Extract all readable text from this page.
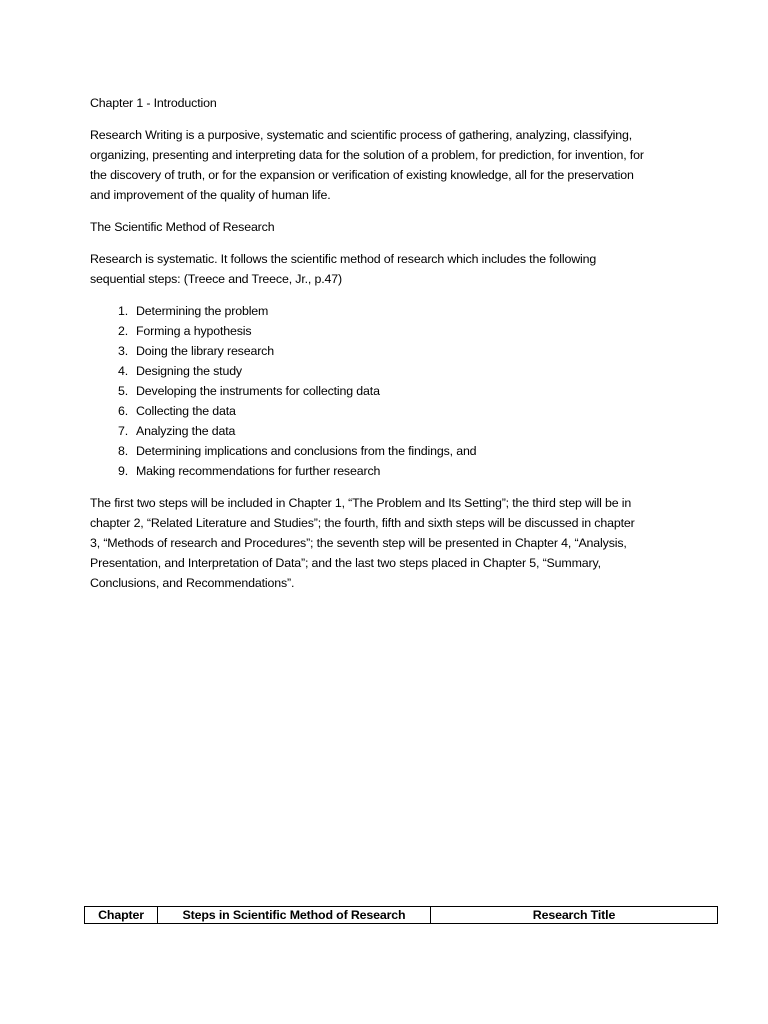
Chapter 1 - Introduction
Research Writing is a purposive, systematic and scientific process of gathering, analyzing, classifying, organizing, presenting and interpreting data for the solution of a problem, for prediction, for invention, for the discovery of truth, or for the expansion or verification of existing knowledge, all for the preservation and improvement of the quality of human life.
The Scientific Method of Research
Research is systematic. It follows the scientific method of research which includes the following sequential steps: (Treece and Treece, Jr., p.47)
1. Determining the problem
2. Forming a hypothesis
3. Doing the library research
4. Designing the study
5. Developing the instruments for collecting data
6. Collecting the data
7. Analyzing the data
8. Determining implications and conclusions from the findings, and
9. Making recommendations for further research
The first two steps will be included in Chapter 1, “The Problem and Its Setting”; the third step will be in chapter 2, “Related Literature and Studies”; the fourth, fifth and sixth steps will be discussed in chapter 3, “Methods of research and Procedures”; the seventh step will be presented in Chapter 4, “Analysis, Presentation, and Interpretation of Data”; and the last two steps placed in Chapter 5, “Summary, Conclusions, and Recommendations”.
Chapter	Steps in Scientific Method of Research	Research Title
